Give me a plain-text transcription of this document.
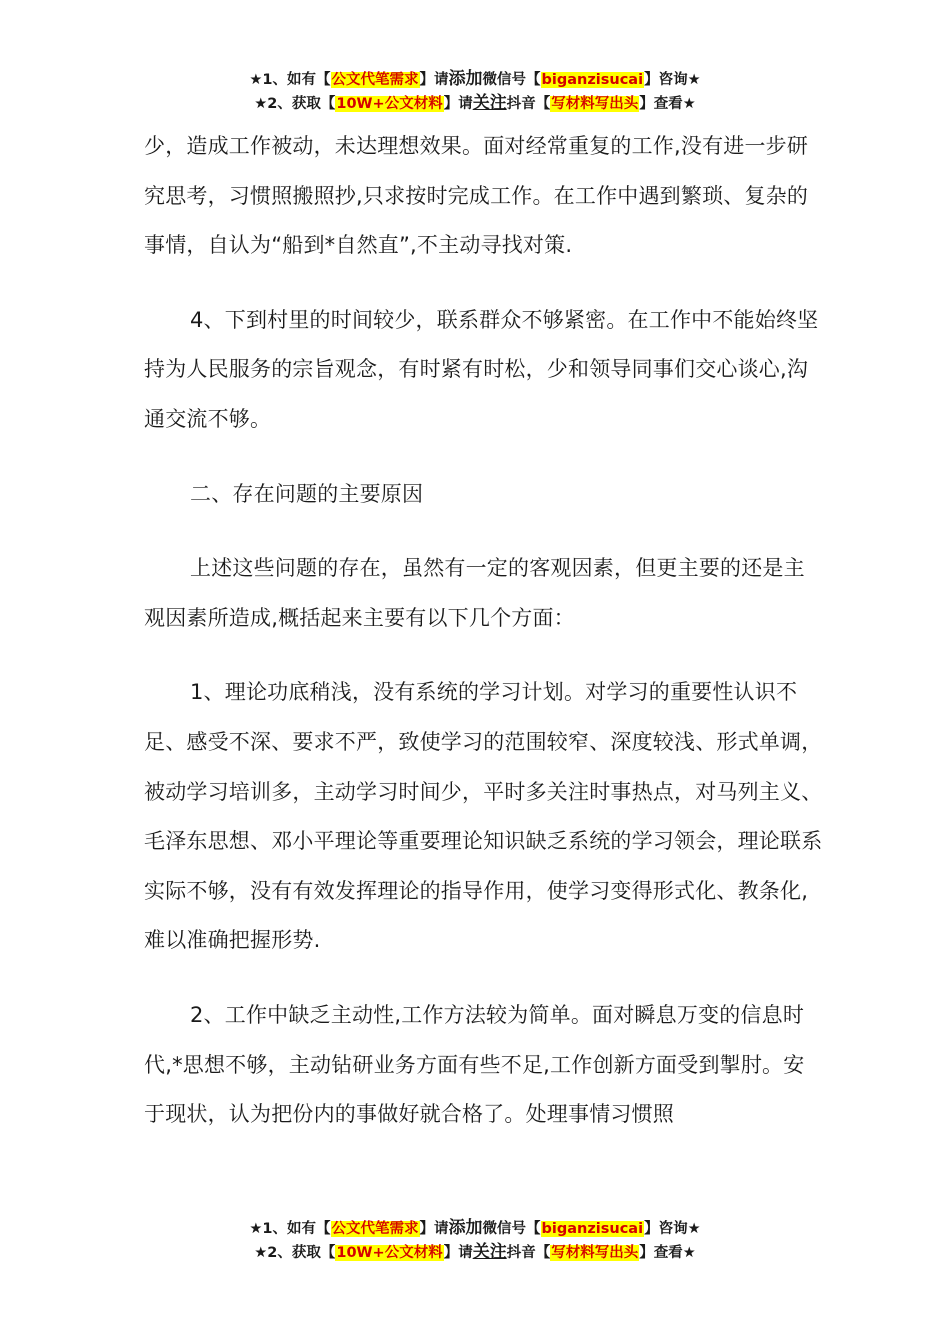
★1、如有【公文代笔需求】请添加微信号【biganzisucai】咨询★
★2、获取【10W+公文材料】请关注抖音【写材料写出头】查看★

少，造成工作被动，未达理想效果。面对经常重复的工作,没有进一步研究思考，习惯照搬照抄,只求按时完成工作。在工作中遇到繁琐、复杂的事情，自认为“船到*自然直”,不主动寻找对策.

4、下到村里的时间较少，联系群众不够紧密。在工作中不能始终坚持为人民服务的宗旨观念，有时紧有时松，少和领导同事们交心谈心,沟通交流不够。

二、存在问题的主要原因

上述这些问题的存在，虽然有一定的客观因素，但更主要的还是主观因素所造成,概括起来主要有以下几个方面：

1、理论功底稍浅，没有系统的学习计划。对学习的重要性认识不足、感受不深、要求不严，致使学习的范围较窄、深度较浅、形式单调，被动学习培训多，主动学习时间少，平时多关注时事热点，对马列主义、毛泽东思想、邓小平理论等重要理论知识缺乏系统的学习领会，理论联系实际不够，没有有效发挥理论的指导作用，使学习变得形式化、教条化,难以准确把握形势.

2、工作中缺乏主动性,工作方法较为简单。面对瞬息万变的信息时代,*思想不够，主动钻研业务方面有些不足,工作创新方面受到掣肘。安于现状，认为把份内的事做好就合格了。处理事情习惯照

★1、如有【公文代笔需求】请添加微信号【biganzisucai】咨询★
★2、获取【10W+公文材料】请关注抖音【写材料写出头】查看★
